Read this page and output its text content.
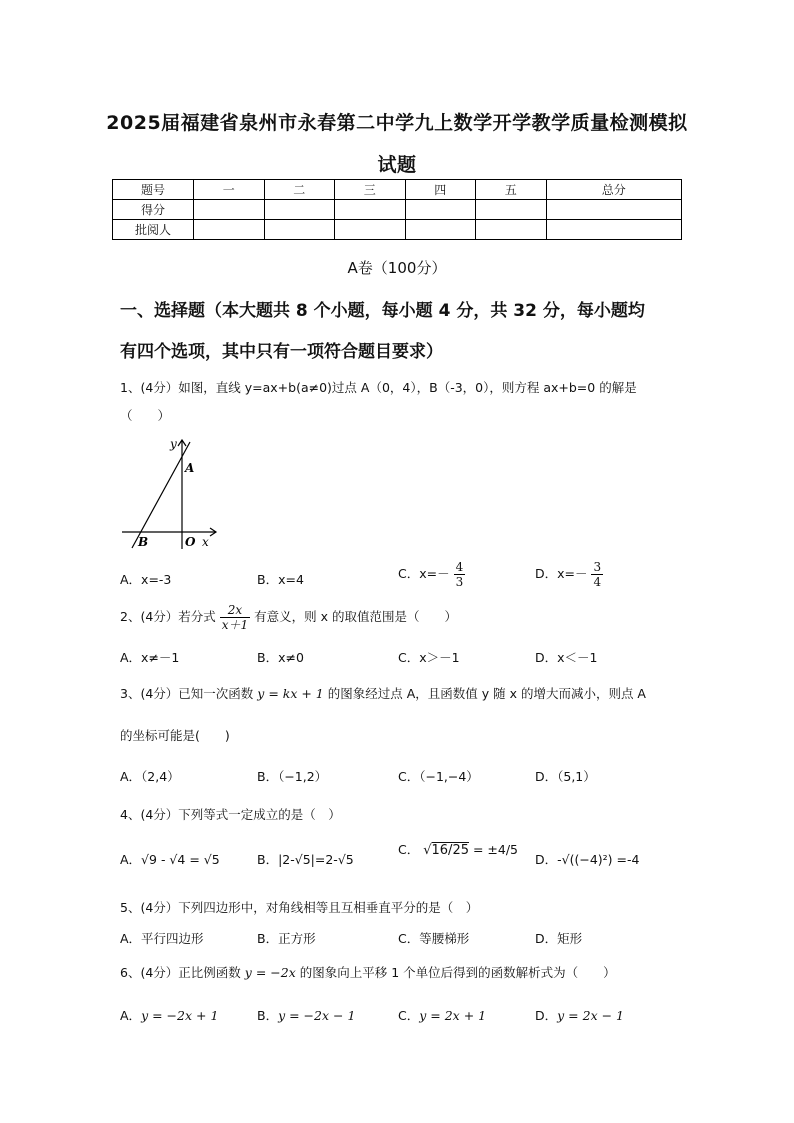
2025届福建省泉州市永春第二中学九上数学开学教学质量检测模拟
试题
题号	一	二	三	四	五	总分
得分						
批阅人						
A卷（100分）
一、选择题（本大题共 8 个小题，每小题 4 分，共 32 分，每小题均
有四个选项，其中只有一项符合题目要求）
1、(4分）如图，直线 y=ax+b(a≠0)过点 A（0，4），B（-3，0），则方程 ax+b=0 的解是
（　　）
y
A
B	O x
A．x=-3	B．x=4	C．$x=- \frac{4}{3}$	D．$x=- \frac{3}{4}$
2、(4分）若分式 $\frac{2x}{x+1}$ 有意义，则 x 的取值范围是（　　）
A．x≠－1	B．x≠0	C．x＞－1	D．x＜－1
3、(4分）已知一次函数 y = kx + 1 的图象经过点 A，且函数值 y 随 x 的增大而减小，则点 A
的坐标可能是(　　)
A．（2,4）	B．（−1,2）	C．（−1,−4）	D．（5,1）
4、(4分）下列等式一定成立的是（　）
A．√9 - √4 = √5	B．|2-√5|=2-√5
C． √16/25 = ±4/5
D．-√((−4)²) =-4
5、(4分）下列四边形中，对角线相等且互相垂直平分的是（　）
A．平行四边形	B．正方形	C．等腰梯形	D．矩形
6、(4分）正比例函数 y = −2x 的图象向上平移 1 个单位后得到的函数解析式为（　　）
A．y = −2x + 1	B．y = −2x − 1	C．y = 2x + 1	D．y = 2x − 1
